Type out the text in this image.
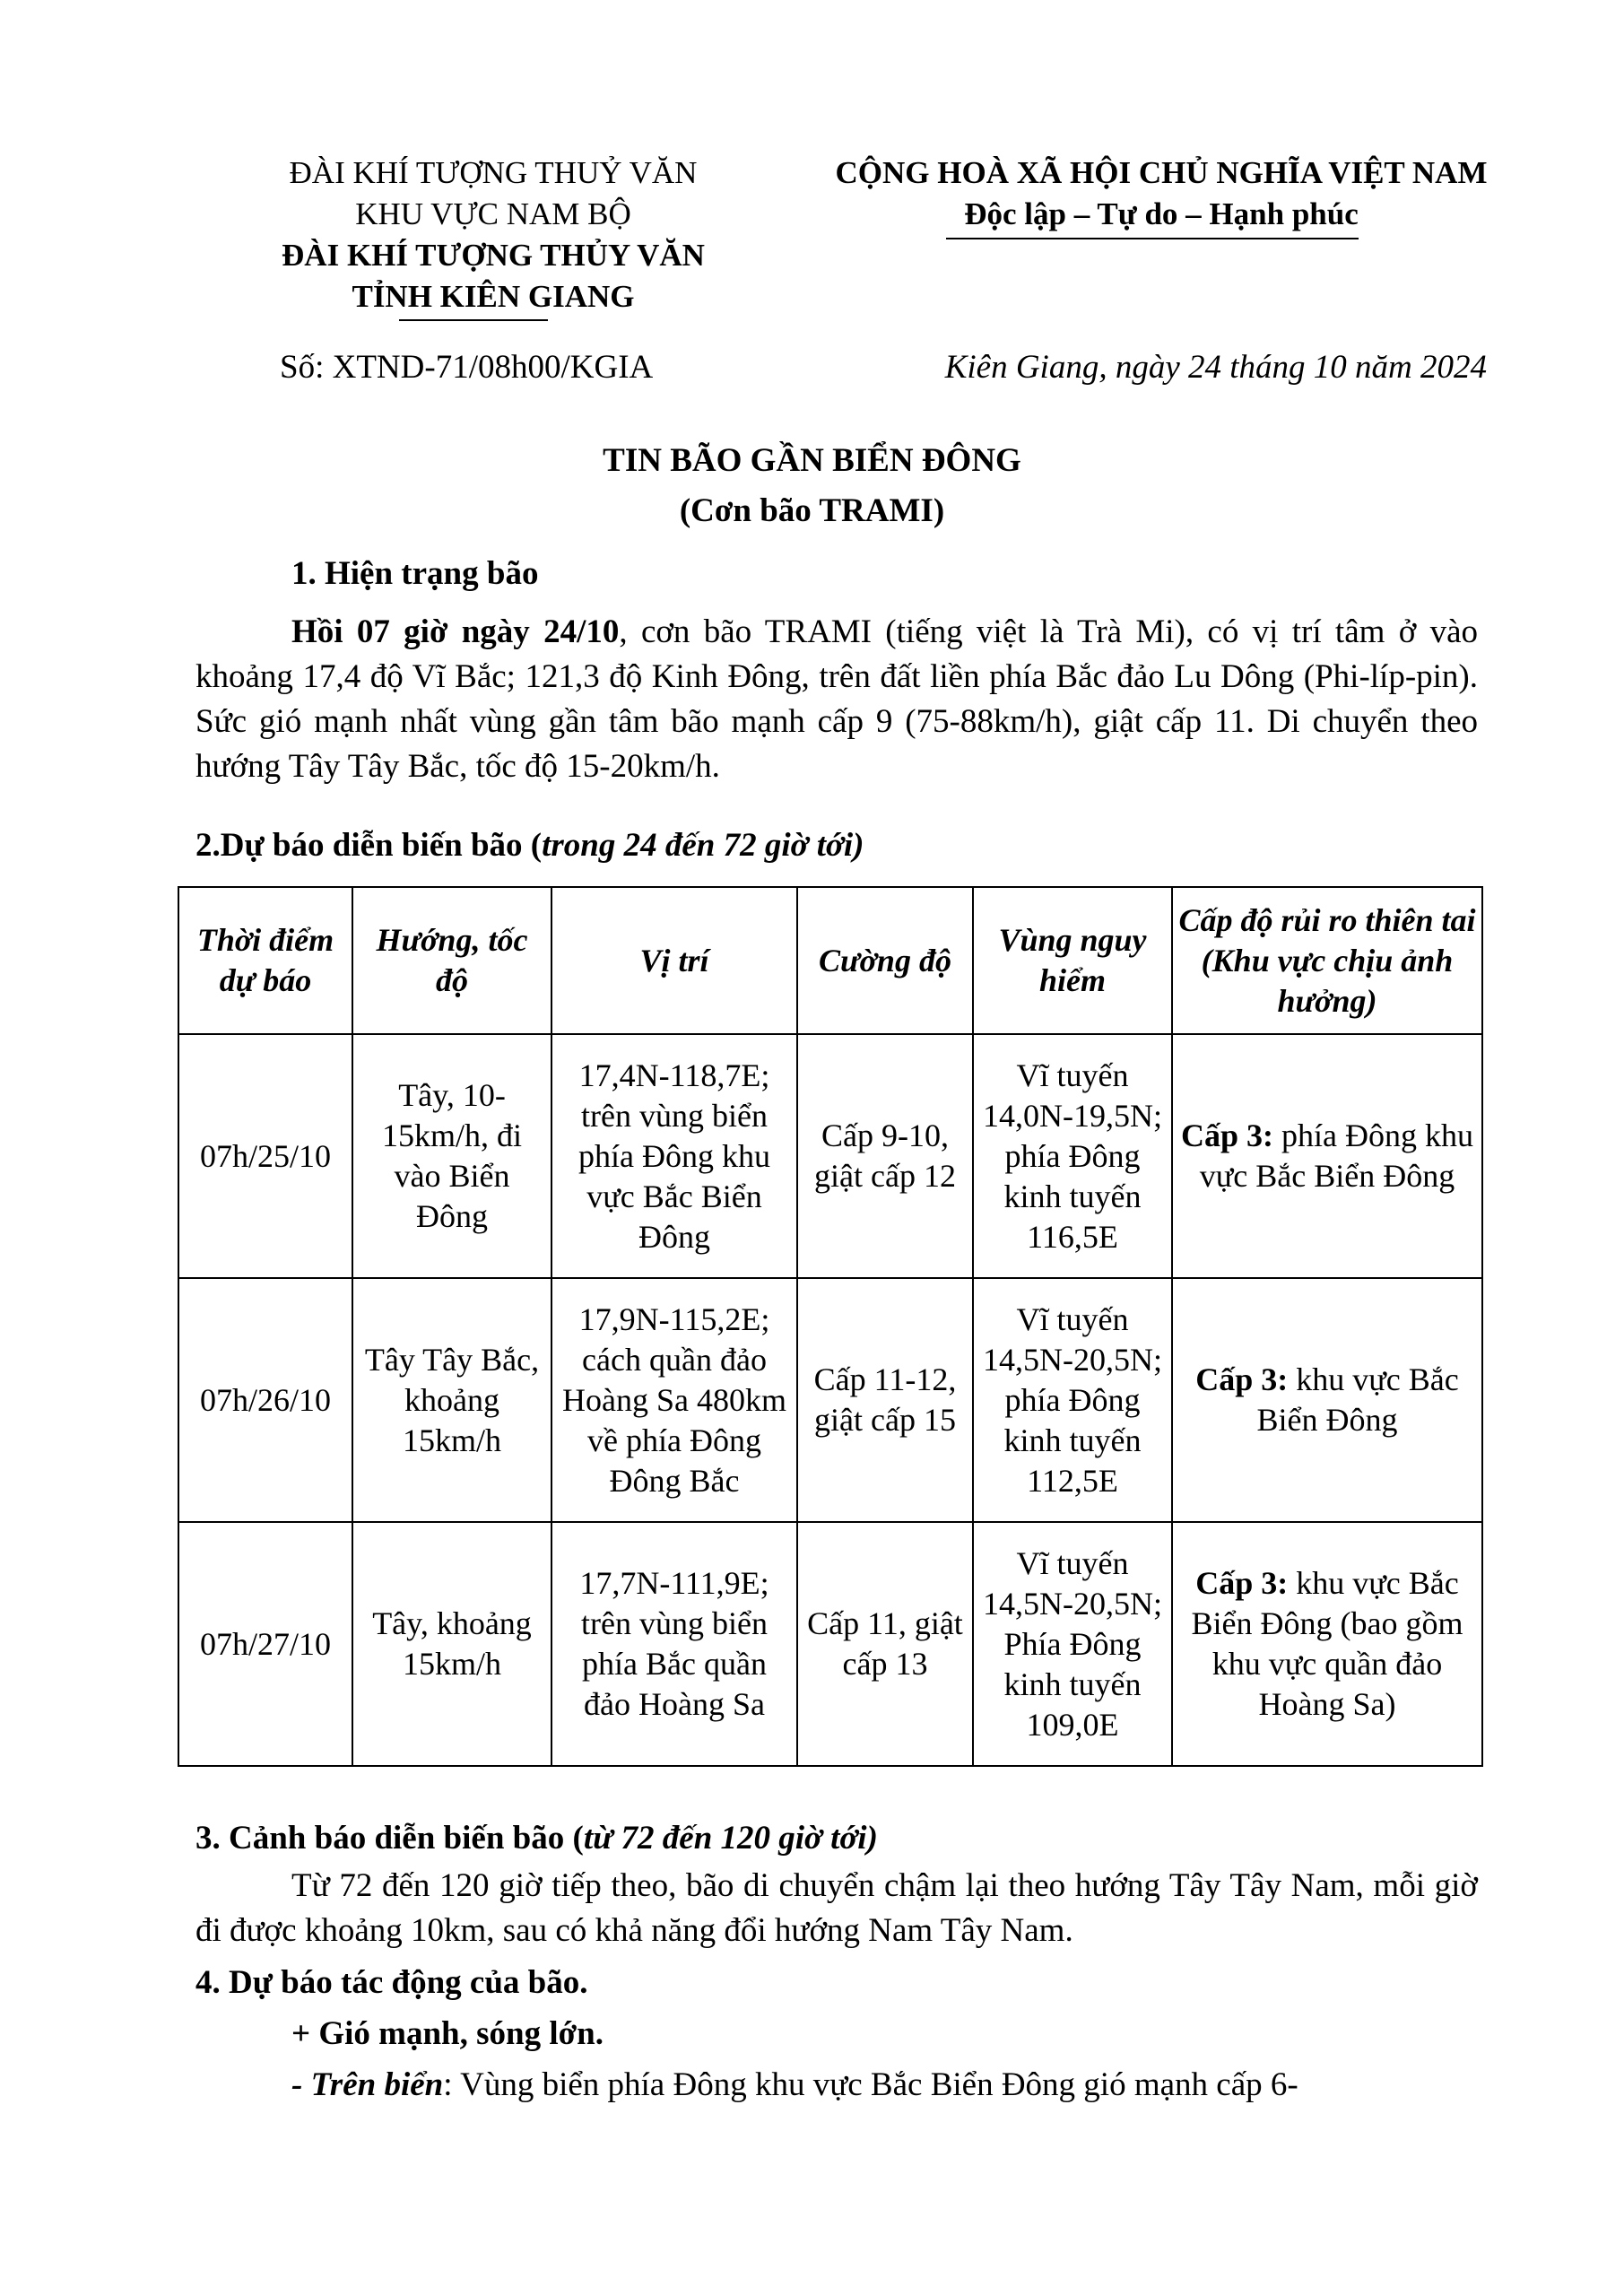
ĐÀI KHÍ TƯỢNG THUỶ VĂN
KHU VỰC NAM BỘ
ĐÀI KHÍ TƯỢNG THỦY VĂN
TỈNH KIÊN GIANG
CỘNG HOÀ XÃ HỘI CHỦ NGHĨA VIỆT NAM
Độc lập – Tự do – Hạnh phúc
Số: XTND-71/08h00/KGIA	Kiên Giang, ngày 24 tháng 10 năm 2024
TIN BÃO GẦN BIỂN ĐÔNG
(Cơn bão TRAMI)
1. Hiện trạng bão
Hồi 07 giờ ngày 24/10, cơn bão TRAMI (tiếng việt là Trà Mi), có vị trí tâm ở vào khoảng 17,4 độ Vĩ Bắc; 121,3 độ Kinh Đông, trên đất liền phía Bắc đảo Lu Dông (Phi-líp-pin). Sức gió mạnh nhất vùng gần tâm bão mạnh cấp 9 (75-88km/h), giật cấp 11. Di chuyển theo hướng Tây Tây Bắc, tốc độ 15-20km/h.
2.Dự báo diễn biến bão (trong 24 đến 72 giờ tới)
Thời điểm dự báo	Hướng, tốc độ	Vị trí	Cường độ	Vùng nguy hiểm	Cấp độ rủi ro thiên tai (Khu vực chịu ảnh hưởng)
07h/25/10	Tây, 10-15km/h, đi vào Biển Đông	17,4N-118,7E; trên vùng biển phía Đông khu vực Bắc Biển Đông	Cấp 9-10, giật cấp 12	Vĩ tuyến 14,0N-19,5N; phía Đông kinh tuyến 116,5E	Cấp 3: phía Đông khu vực Bắc Biển Đông
07h/26/10	Tây Tây Bắc, khoảng 15km/h	17,9N-115,2E; cách quần đảo Hoàng Sa 480km về phía Đông Đông Bắc	Cấp 11-12, giật cấp 15	Vĩ tuyến 14,5N-20,5N; phía Đông kinh tuyến 112,5E	Cấp 3: khu vực Bắc Biển Đông
07h/27/10	Tây, khoảng 15km/h	17,7N-111,9E; trên vùng biển phía Bắc quần đảo Hoàng Sa	Cấp 11, giật cấp 13	Vĩ tuyến 14,5N-20,5N; Phía Đông kinh tuyến 109,0E	Cấp 3: khu vực Bắc Biển Đông (bao gồm khu vực quần đảo Hoàng Sa)
3. Cảnh báo diễn biến bão (từ 72 đến 120 giờ tới)
Từ 72 đến 120 giờ tiếp theo, bão di chuyển chậm lại theo hướng Tây Tây Nam, mỗi giờ đi được khoảng 10km, sau có khả năng đổi hướng Nam Tây Nam.
4. Dự báo tác động của bão.
+ Gió mạnh, sóng lớn.
- Trên biển: Vùng biển phía Đông khu vực Bắc Biển Đông gió mạnh cấp 6-
